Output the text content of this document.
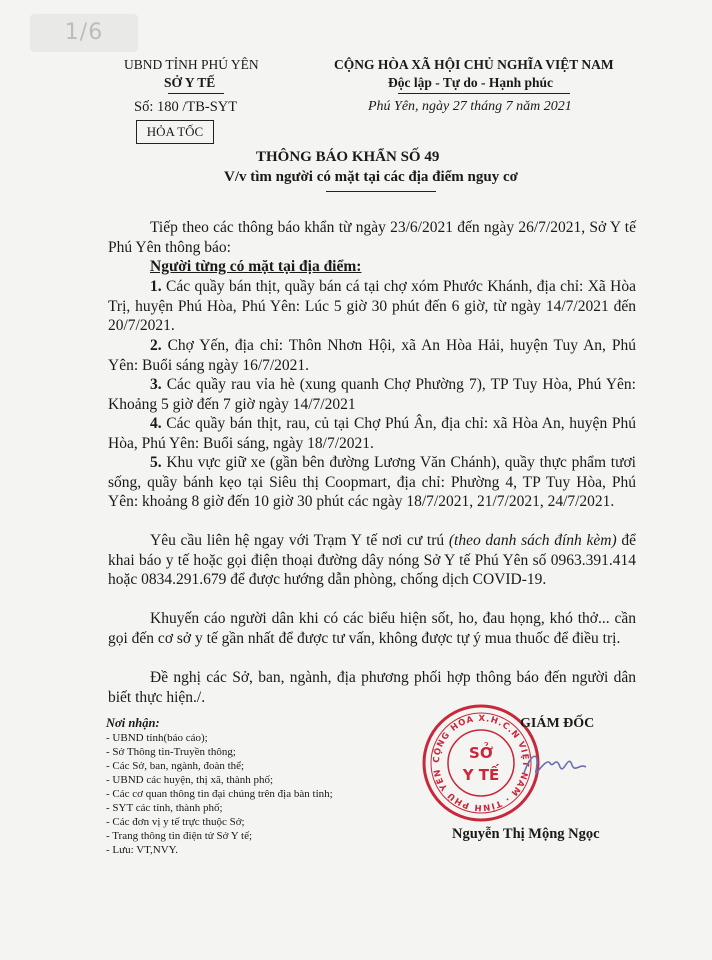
1/6
UBND TỈNH PHÚ YÊN
SỞ Y TẾ
Số: 180 /TB-SYT
HỎA TỐC
CỘNG HÒA XÃ HỘI CHỦ NGHĨA VIỆT NAM
Độc lập - Tự do - Hạnh phúc
Phú Yên, ngày 27 tháng 7 năm 2021
THÔNG BÁO KHẨN SỐ 49
V/v tìm người có mặt tại các địa điểm nguy cơ
Tiếp theo các thông báo khẩn từ ngày 23/6/2021 đến ngày 26/7/2021, Sở Y tế Phú Yên thông báo:
Người từng có mặt tại địa điểm:
1. Các quầy bán thịt, quầy bán cá tại chợ xóm Phước Khánh, địa chỉ: Xã Hòa Trị, huyện Phú Hòa, Phú Yên: Lúc 5 giờ 30 phút đến 6 giờ, từ ngày 14/7/2021 đến 20/7/2021.
2. Chợ Yến, địa chỉ: Thôn Nhơn Hội, xã An Hòa Hải, huyện Tuy An, Phú Yên: Buổi sáng ngày 16/7/2021.
3. Các quầy rau vỉa hè (xung quanh Chợ Phường 7), TP Tuy Hòa, Phú Yên: Khoảng 5 giờ đến 7 giờ ngày 14/7/2021
4. Các quầy bán thịt, rau, củ tại Chợ Phú Ân, địa chỉ: xã Hòa An, huyện Phú Hòa, Phú Yên: Buổi sáng, ngày 18/7/2021.
5. Khu vực giữ xe (gần bên đường Lương Văn Chánh), quầy thực phẩm tươi sống, quầy bánh kẹo tại Siêu thị Coopmart, địa chỉ: Phường 4, TP Tuy Hòa, Phú Yên: khoảng 8 giờ đến 10 giờ 30 phút các ngày 18/7/2021, 21/7/2021, 24/7/2021.
Yêu cầu liên hệ ngay với Trạm Y tế nơi cư trú (theo danh sách đính kèm) để khai báo y tế hoặc gọi điện thoại đường dây nóng Sở Y tế Phú Yên số 0963.391.414 hoặc 0834.291.679 để được hướng dẫn phòng, chống dịch COVID-19.
Khuyến cáo người dân khi có các biểu hiện sốt, ho, đau họng, khó thở... cần gọi đến cơ sở y tế gần nhất để được tư vấn, không được tự ý mua thuốc để điều trị.
Đề nghị các Sở, ban, ngành, địa phương phối hợp thông báo đến người dân biết thực hiện./.
Nơi nhận:
- UBND tỉnh(báo cáo);
- Sở Thông tin-Truyền thông;
- Các Sở, ban, ngành, đoàn thể;
- UBND các huyện, thị xã, thành phố;
- Các cơ quan thông tin đại chúng trên địa bàn tỉnh;
- SYT các tỉnh, thành phố;
- Các đơn vị y tế trực thuộc Sở;
- Trang thông tin điện tử Sở Y tế;
- Lưu: VT,NVY.
CỘNG HÒA X.H.C.N VIỆT NAM · TỈNH PHÚ YÊN
SỞ
Y TẾ
GIÁM ĐỐC
Nguyễn Thị Mộng Ngọc
